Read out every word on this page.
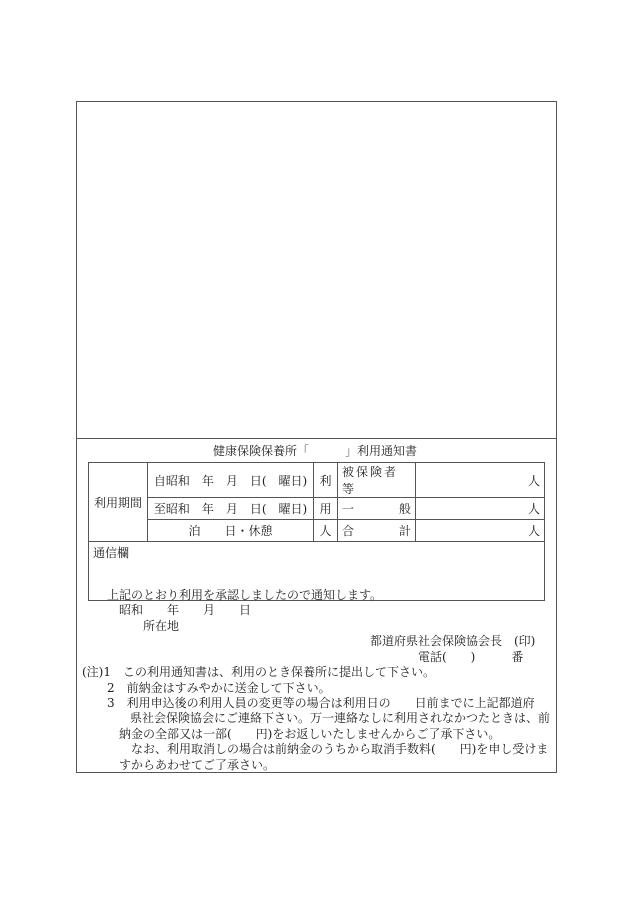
健康保険保養所「　　　」利用通知書
利用期間	自昭和　年　月　日(　曜日)	利	被保険者等	人
	至昭和　年　月　日(　曜日)	用	一 般	人
	泊　　日・休憩	人	合 計	人
通信欄				
上記のとおり利用を承認しましたので通知します。
昭和　　年　　月　　日
所在地
都道府県社会保険協会長　(印)
電話(　　)　　　番
(注)1　この利用通知書は、利用のとき保養所に提出して下さい。
2　前納金はすみやかに送金して下さい。
3　利用申込後の利用人員の変更等の場合は利用日の　　日前までに上記都道府
県社会保険協会にご連絡下さい。万一連絡なしに利用されなかつたときは、前
納金の全部又は一部(　　円)をお返しいたしませんからご了承下さい。
なお、利用取消しの場合は前納金のうちから取消手数料(　　円)を申し受けま
すからあわせてご了承さい。
